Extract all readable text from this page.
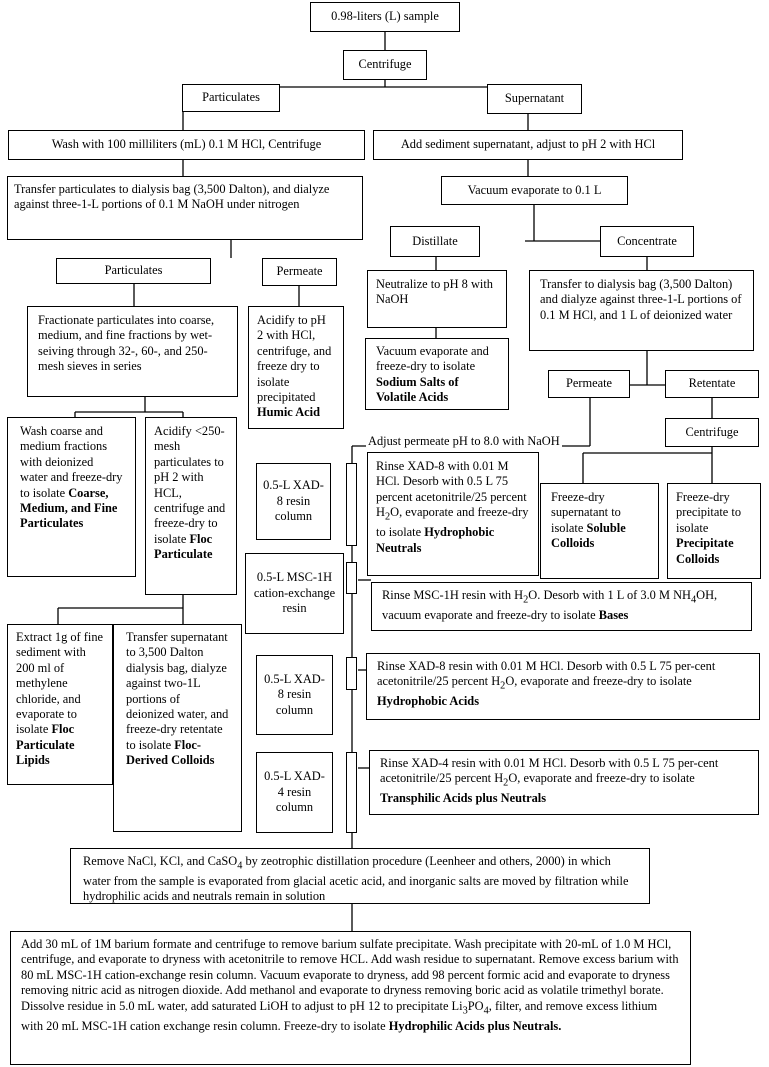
0.98-liters (L) sample
Centrifuge
Particulates	Supernatant
Wash with 100 milliliters (mL) 0.1 M HCl, Centrifuge	Add sediment supernatant, adjust to pH 2 with HCl
Transfer particulates to dialysis bag (3,500 Dalton), and dialyze against three-1-L portions of 0.1 M NaOH under nitrogen
Vacuum evaporate to 0.1 L
Distillate	Concentrate
Particulates	Permeate
Fractionate particulates into coarse, medium, and fine fractions by wet-seiving through 32-, 60-, and 250-mesh sieves in series
Acidify to pH 2 with HCl, centrifuge, and freeze dry to isolate precipitated Humic Acid
Neutralize to pH 8 with NaOH
Vacuum evaporate and freeze-dry to isolate Sodium Salts of Volatile Acids
Transfer to dialysis bag (3,500 Dalton) and dialyze against three-1-L portions of 0.1 M HCl, and 1 L of deionized water
Permeate	Retentate
Centrifuge
Adjust permeate pH to 8.0 with NaOH
Wash coarse and medium fractions with deionized water and freeze-dry to isolate Coarse, Medium, and Fine Particulates
Acidify <250-mesh particulates to pH 2 with HCL, centrifuge and freeze-dry to isolate Floc Particulate
0.5-L XAD-8 resin column
Rinse XAD-8 with 0.01 M HCl. Desorb with 0.5 L 75 percent acetonitrile/25 percent $H_2O$, evaporate and freeze-dry to isolate Hydrophobic Neutrals
Freeze-dry supernatant to isolate Soluble Colloids
Freeze-dry precipitate to isolate Precipitate Colloids
0.5-L MSC-1H cation-exchange resin
Rinse MSC-1H resin with $H_2O$. Desorb with 1 L of 3.0 M $NH_4OH$, vacuum evaporate and freeze-dry to isolate Bases
Extract 1g of fine sediment with 200 ml of methylene chloride, and evaporate to isolate Floc Particulate Lipids
Transfer supernatant to 3,500 Dalton dialysis bag, dialyze against two-1L portions of deionized water, and freeze-dry retentate to isolate Floc-Derived Colloids
0.5-L XAD-8 resin column
Rinse XAD-8 resin with 0.01 M HCl. Desorb with 0.5 L 75 per-cent acetonitrile/25 percent $H_2O$, evaporate and freeze-dry to isolate Hydrophobic Acids
0.5-L XAD-4 resin column
Rinse XAD-4 resin with 0.01 M HCl. Desorb with 0.5 L 75 per-cent acetonitrile/25 percent $H_2O$, evaporate and freeze-dry to isolate Transphilic Acids plus Neutrals
Remove NaCl, KCl, and CaSO$_4$ by zeotrophic distillation procedure (Leenheer and others, 2000) in which water from the sample is evaporated from glacial acetic acid, and inorganic salts are moved by filtration while hydrophilic acids and neutrals remain in solution
Add 30 mL of 1M barium formate and centrifuge to remove barium sulfate precipitate. Wash precipitate with 20-mL of 1.0 M HCl, centrifuge, and evaporate to dryness with acetonitrile to remove HCL. Add wash residue to supernatant. Remove excess barium with 80 mL MSC-1H cation-exchange resin column. Vacuum evaporate to dryness, add 98 percent formic acid and evaporate to dryness removing nitric acid as nitrogen dioxide. Add methanol and evaporate to dryness removing boric acid as volatile trimethyl borate. Dissolve residue in 5.0 mL water, add saturated LiOH to adjust to pH 12 to precipitate $Li_3PO_4$, filter, and remove excess lithium with 20 mL MSC-1H cation exchange resin column. Freeze-dry to isolate Hydrophilic Acids plus Neutrals.
